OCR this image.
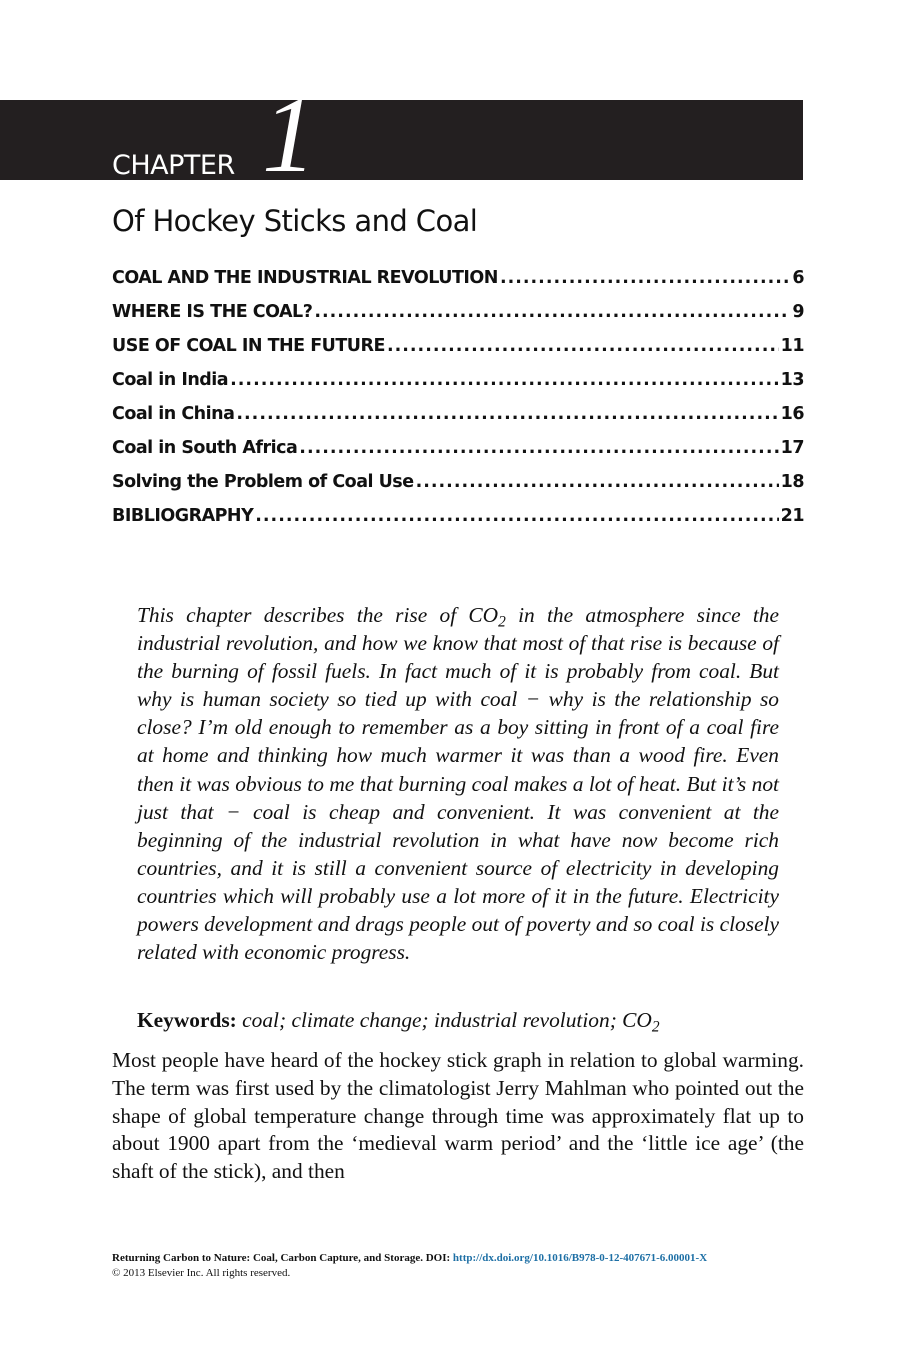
CHAPTER 1
Of Hockey Sticks and Coal
COAL AND THE INDUSTRIAL REVOLUTION .....	6
WHERE IS THE COAL? .....	9
USE OF COAL IN THE FUTURE .....	11
Coal in India .....	13
Coal in China .....	16
Coal in South Africa .....	17
Solving the Problem of Coal Use .....	18
BIBLIOGRAPHY .....	21

This chapter describes the rise of $CO_2$ in the atmosphere since the industrial revolution, and how we know that most of that rise is because of the burning of fossil fuels. In fact much of it is probably from coal. But why is human society so tied up with coal − why is the relationship so close? I’m old enough to remember as a boy sitting in front of a coal fire at home and thinking how much warmer it was than a wood fire. Even then it was obvious to me that burning coal makes a lot of heat. But it’s not just that − coal is cheap and convenient. It was convenient at the beginning of the industrial revolution in what have now become rich countries, and it is still a convenient source of electricity in developing countries which will probably use a lot more of it in the future. Electricity powers development and drags people out of poverty and so coal is closely related with economic progress.

Keywords: coal; climate change; industrial revolution; $CO_2$

Most people have heard of the hockey stick graph in relation to global warming. The term was first used by the climatologist Jerry Mahlman who pointed out the shape of global temperature change through time was approximately flat up to about 1900 apart from the ‘medieval warm period’ and the ‘little ice age’ (the shaft of the stick), and then

Returning Carbon to Nature: Coal, Carbon Capture, and Storage. DOI: http://dx.doi.org/10.1016/B978-0-12-407671-6.00001-X
© 2013 Elsevier Inc. All rights reserved.
